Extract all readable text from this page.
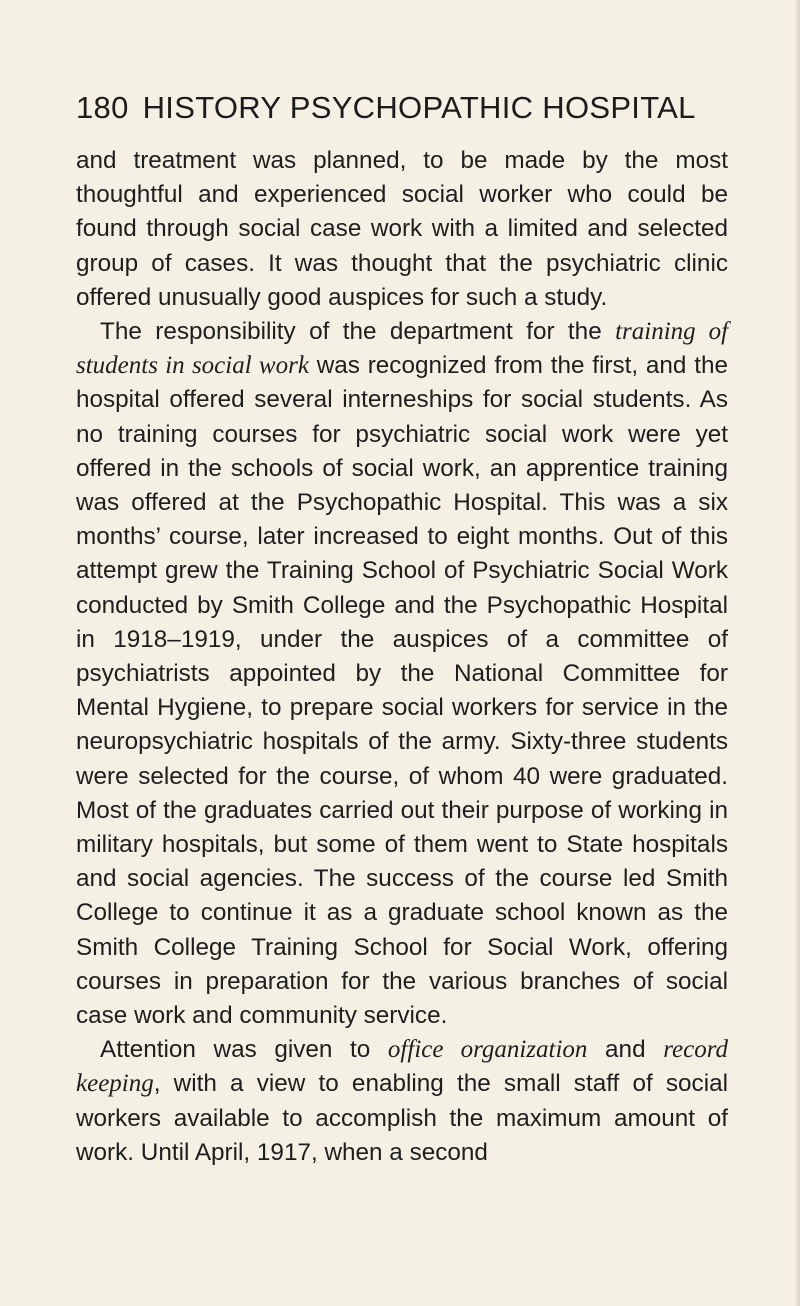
180 HISTORY PSYCHOPATHIC HOSPITAL

and treatment was planned, to be made by the most thoughtful and experienced social worker who could be found through social case work with a limited and selected group of cases. It was thought that the psychiatric clinic offered unusually good auspices for such a study.

The responsibility of the department for the training of students in social work was recognized from the first, and the hospital offered several interneships for social students. As no training courses for psychiatric social work were yet offered in the schools of social work, an apprentice training was offered at the Psychopathic Hospital. This was a six months’ course, later increased to eight months. Out of this attempt grew the Training School of Psychiatric Social Work conducted by Smith College and the Psychopathic Hospital in 1918–1919, under the auspices of a committee of psychiatrists appointed by the National Committee for Mental Hygiene, to prepare social workers for service in the neuropsychiatric hospitals of the army. Sixty-three students were selected for the course, of whom 40 were graduated. Most of the graduates carried out their purpose of working in military hospitals, but some of them went to State hospitals and social agencies. The success of the course led Smith College to continue it as a graduate school known as the Smith College Training School for Social Work, offering courses in preparation for the various branches of social case work and community service.

Attention was given to office organization and record keeping, with a view to enabling the small staff of social workers available to accomplish the maximum amount of work. Until April, 1917, when a second
